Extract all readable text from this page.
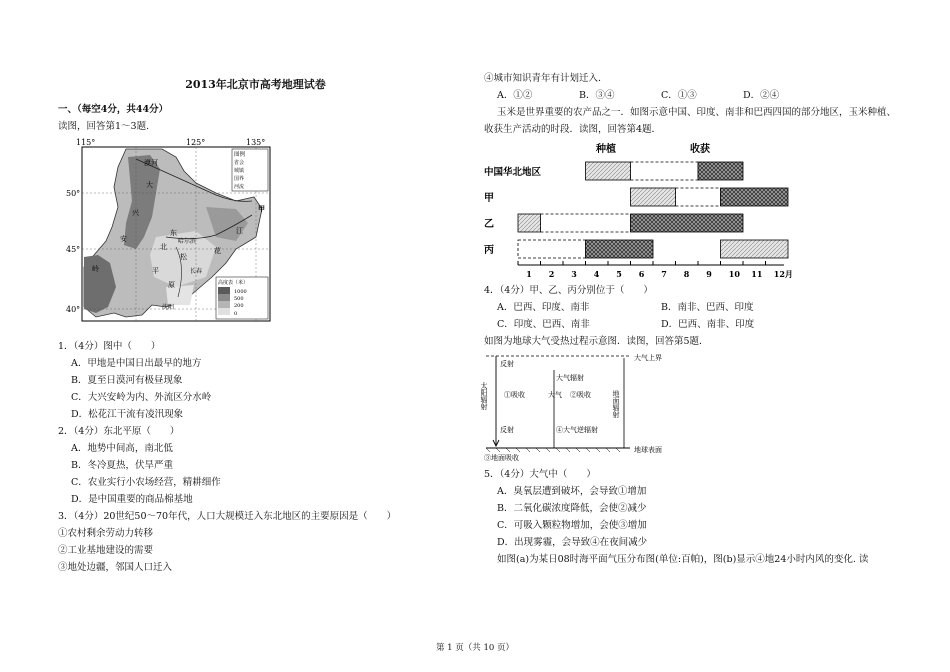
2013年北京市高考地理试卷

一、（每空4分，共44分）

读图，回答第1～3题.

115°	125°	135°
50°
45°
40°
漠河
大
兴
安
岭
东
北
哈尔滨
松
花
江
平
原
长春
沈阳
甲
图例
省会
城镇
国界
河流
高度表（米）
1000
500
200
0

1．（4分）图中（　　）

A．甲地是中国日出最早的地方

B．夏至日漠河有极昼现象

C．大兴安岭为内、外流区分水岭

D．松花江干流有凌汛现象

2．（4分）东北平原（　　）

A．地势中间高，南北低

B．冬冷夏热，伏旱严重

C．农业实行小农场经营，精耕细作

D．是中国重要的商品棉基地

3．（4分）20世纪50～70年代，人口大规模迁入东北地区的主要原因是（　　）

①农村剩余劳动力转移

②工业基地建设的需要

③地处边疆，邻国人口迁入

④城市知识青年有计划迁入.

A．①②	B．③④	C．①③	D．②④

玉米是世界重要的农产品之一．如图示意中国、印度、南非和巴西四国的部分地区，玉米种植、收获生产活动的时段．读图，回答第4题．

种植	收获
中国华北地区
甲
乙
丙
1 2 3 4 5 6 7 8 9 10 11 12月

4．（4分）甲、乙、丙分别位于（　　）

A．巴西、印度、南非	B．南非、巴西、印度
C．印度、巴西、南非	D．巴西、南非、印度

如图为地球大气受热过程示意图．读图，回答第5题．

大气上界
地球表面
太阳辐射
反射
①吸收	大气 ②吸收
大气辐射
地面辐射
反射	④大气逆辐射
③地面吸收

5．（4分）大气中（　　）

A．臭氧层遭到破坏，会导致①增加

B．二氧化碳浓度降低，会使②减少

C．可吸入颗粒物增加，会使③增加

D．出现雾霾，会导致④在夜间减少

如图(a)为某日08时海平面气压分布图(单位:百帕)，图(b)显示④地24小时内风的变化. 读

第 1 页（共 10 页）
